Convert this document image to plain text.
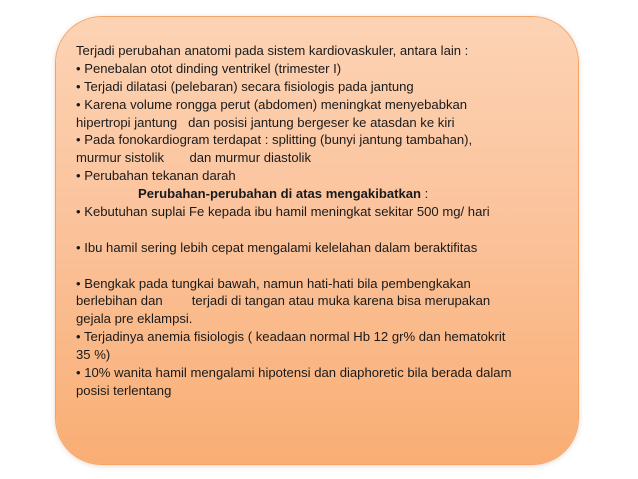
Terjadi perubahan anatomi pada sistem kardiovaskuler, antara lain :
• Penebalan otot dinding ventrikel (trimester I)
• Terjadi dilatasi (pelebaran) secara fisiologis pada jantung
• Karena volume rongga perut (abdomen) meningkat menyebabkan
hipertropi jantung   dan posisi jantung bergeser ke atasdan ke kiri
• Pada fonokardiogram terdapat : splitting (bunyi jantung tambahan),
murmur sistolik       dan murmur diastolik
• Perubahan tekanan darah
Perubahan-perubahan di atas mengakibatkan :
• Kebutuhan suplai Fe kepada ibu hamil meningkat sekitar 500 mg/ hari
• Ibu hamil sering lebih cepat mengalami kelelahan dalam beraktifitas
• Bengkak pada tungkai bawah, namun hati-hati bila pembengkakan
berlebihan dan        terjadi di tangan atau muka karena bisa merupakan
gejala pre eklampsi.
• Terjadinya anemia fisiologis ( keadaan normal Hb 12 gr% dan hematokrit
35 %)
• 10% wanita hamil mengalami hipotensi dan diaphoretic bila berada dalam
posisi terlentang
